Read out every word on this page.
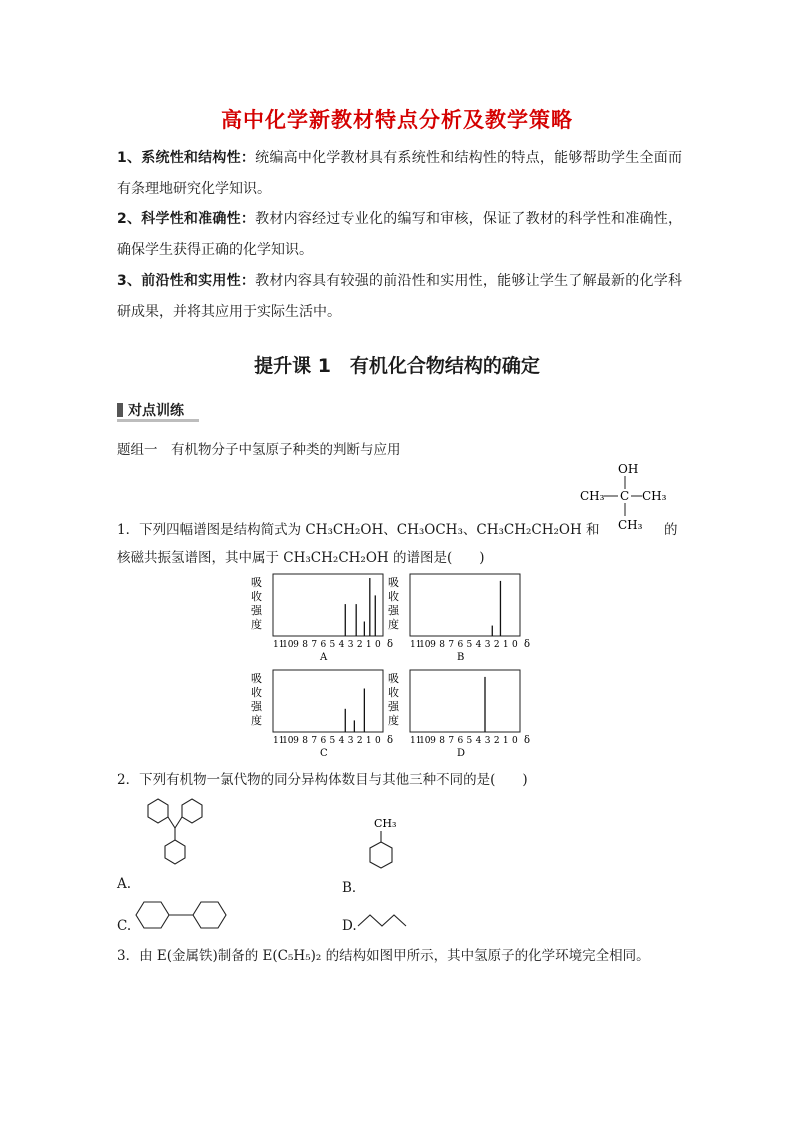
高中化学新教材特点分析及教学策略
1、系统性和结构性：统编高中化学教材具有系统性和结构性的特点，能够帮助学生全面而有条理地研究化学知识。
2、科学性和准确性：教材内容经过专业化的编写和审核，保证了教材的科学性和准确性，确保学生获得正确的化学知识。
3、前沿性和实用性：教材内容具有较强的前沿性和实用性，能够让学生了解最新的化学科研成果，并将其应用于实际生活中。
提升课 1　有机化合物结构的确定
对点训练
题组一　有机物分子中氢原子种类的判断与应用
OH
CH₃ C CH₃
CH₃
1．下列四幅谱图是结构简式为 CH₃CH₂OH、CH₃OCH₃、CH₃CH₂CH₂OH 和	的
核磁共振氢谱图，其中属于 CH₃CH₂CH₂OH 的谱图是(　　)
吸
收
强
度
11
10 9 8 7 6 5 4 3 2 1 0 δ
A
吸
收
强
度
11
10 9 8 7 6 5 4 3 2 1 0 δ
B
吸
收
强
度
11
10 9 8 7 6 5 4 3 2 1 0 δ
C
吸
收
强
度
11
10 9 8 7 6 5 4 3 2 1 0 δ
D
2．下列有机物一氯代物的同分异构体数目与其他三种不同的是(　　)
A.	B．
CH₃
C.	D.
3．由 E(金属铁)制备的 E(C₅H₅)₂ 的结构如图甲所示，其中氢原子的化学环境完全相同。
